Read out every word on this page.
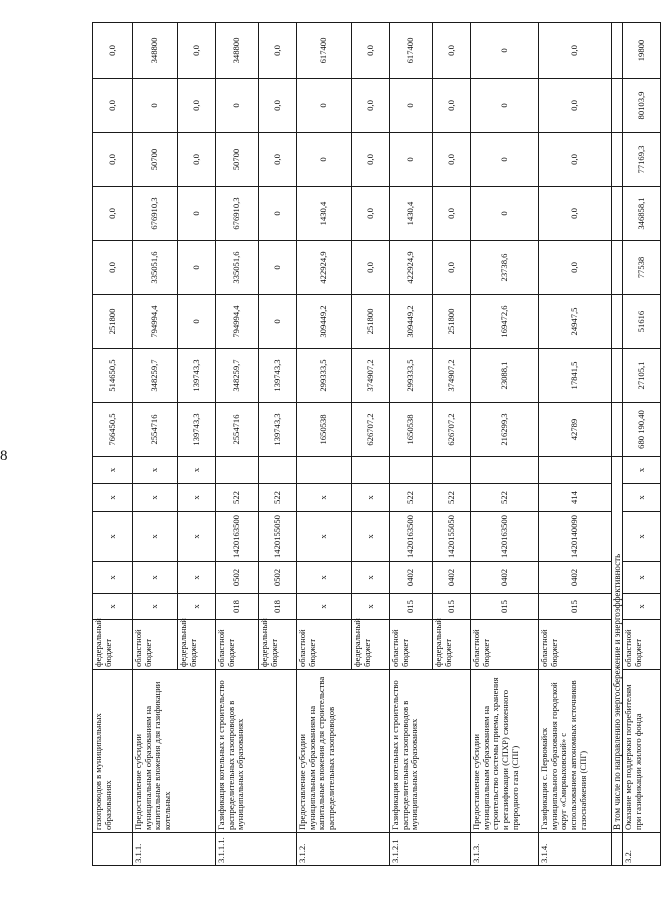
8

	газопроводов в муниципальных образованиях	федеральный бюджет	x	x	x	x	x	766450,5	514650,5	251800	0,0	0,0	0,0	0,0	0,0

3.1.1.	Предоставление субсидии муниципальным образованиям на капитальные вложения для газификации котельных	областной бюджет	x	x	x	x	x	2554716	348259,7	794994,4	335051,6	676910,3	50700	0	348800

		федеральный бюджет	x	x	x	x	x	139743,3	139743,3	0	0	0	0,0	0,0	0,0

3.1.1.1.	Газификация котельных и строительство распределительных газопроводов в муниципальных образованиях	областной бюджет	018	0502	1420163500	522		2554716	348259,7	794994,4	335051,6	676910,3	50700	0	348800

		федеральный бюджет	018	0502	1420155050	522		139743,3	139743,3	0	0	0	0,0	0,0	0,0

3.1.2.	Предоставление субсидии муниципальным образованиям на капитальные вложения для строительства распределительных газопроводов	областной бюджет	x	x	x	x		1650538	299333,5	309449,2	422924,9	1430,4	0	0	617400

		федеральный бюджет	x	x	x	x		626707,2	374907,2	251800	0,0	0,0	0,0	0,0	0,0

3.1.2.1	Газификация котельных и строительство распределительных газопроводов в муниципальных образованиях	областной бюджет	015	0402	1420163500	522		1650538	299333,5	309449,2	422924,9	1430,4	0	0	617400

		федеральный бюджет	015	0402	1420155050	522		626707,2	374907,2	251800	0,0	0,0	0,0	0,0	0,0

3.1.3.	Предоставление субсидии муниципальным образованиям на строительство системы приема, хранения и регазификации (СПХР) сжиженного природного газа (СПГ)	областной бюджет	015	0402	1420163500	522		216299,3	23088,1	169472,6	23738,6	0	0	0	0

3.1.4.	Газификация с. Первомайск муниципального образования городской округ «Смирныховский» с использованием автономных источников газоснабжения (СПГ)	областной бюджет	015	0402	1420140090	414		42789	17841,5	24947,5	0,0	0,0	0,0	0,0	0,0

	В том числе по направлению энергосбережение и энергоэффективность														

3.2.	Оказание мер поддержки потребителям при газификации жилого фонда	областной бюджет	x	x	x	x	x	680 190,40	27105,1	51616	77538	346858,1	77169,3	80103,9	19800
